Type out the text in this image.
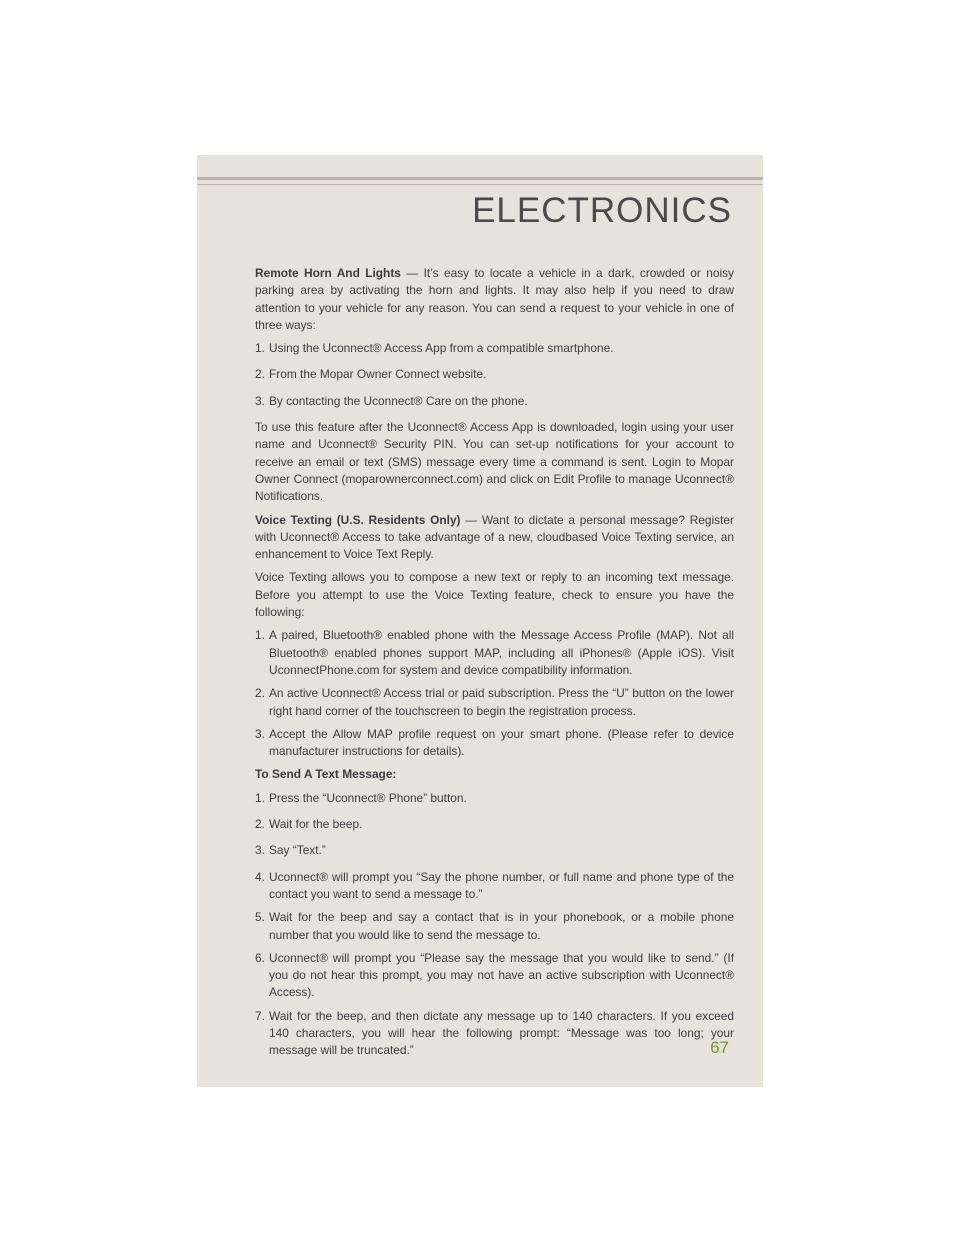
ELECTRONICS

Remote Horn And Lights — It’s easy to locate a vehicle in a dark, crowded or noisy parking area by activating the horn and lights. It may also help if you need to draw attention to your vehicle for any reason. You can send a request to your vehicle in one of three ways:

1. Using the Uconnect® Access App from a compatible smartphone.
2. From the Mopar Owner Connect website.
3. By contacting the Uconnect® Care on the phone.

To use this feature after the Uconnect® Access App is downloaded, login using your user name and Uconnect® Security PIN. You can set-up notifications for your account to receive an email or text (SMS) message every time a command is sent. Login to Mopar Owner Connect (moparownerconnect.com) and click on Edit Profile to manage Uconnect® Notifications.

Voice Texting (U.S. Residents Only) — Want to dictate a personal message? Register with Uconnect® Access to take advantage of a new, cloudbased Voice Texting service, an enhancement to Voice Text Reply.

Voice Texting allows you to compose a new text or reply to an incoming text message. Before you attempt to use the Voice Texting feature, check to ensure you have the following:

1. A paired, Bluetooth® enabled phone with the Message Access Profile (MAP). Not all Bluetooth® enabled phones support MAP, including all iPhones® (Apple iOS). Visit UconnectPhone.com for system and device compatibility information.
2. An active Uconnect® Access trial or paid subscription. Press the “U” button on the lower right hand corner of the touchscreen to begin the registration process.
3. Accept the Allow MAP profile request on your smart phone. (Please refer to device manufacturer instructions for details).

To Send A Text Message:

1. Press the “Uconnect® Phone” button.
2. Wait for the beep.
3. Say “Text.”
4. Uconnect® will prompt you “Say the phone number, or full name and phone type of the contact you want to send a message to.”
5. Wait for the beep and say a contact that is in your phonebook, or a mobile phone number that you would like to send the message to.
6. Uconnect® will prompt you “Please say the message that you would like to send.” (If you do not hear this prompt, you may not have an active subscription with Uconnect® Access).
7. Wait for the beep, and then dictate any message up to 140 characters. If you exceed 140 characters, you will hear the following prompt: “Message was too long; your message will be truncated.”	67
